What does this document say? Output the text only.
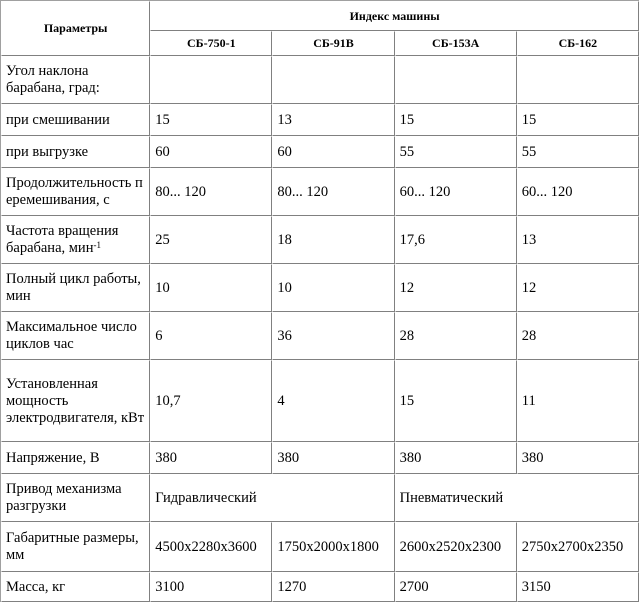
Параметры	Индекс машины			
	СБ-750-1	СБ-91В	СБ-153А	СБ-162
Угол наклона барабана, град:				
при смешивании	15	13	15	15
при выгрузке	60	60	55	55
Продолжительность перемешивания, с	80... 120	80... 120	60... 120	60... 120
Частота вращения барабана, мин$^{-1}$	25	18	17,6	13
Полный цикл работы, мин	10	10	12	12
Максимальное число циклов час	6	36	28	28
Установленная мощность электродвигателя, кВт	10,7	4	15	11
Напряжение, В	380	380	380	380
Привод механизма разгрузки	Гидравлический		Пневматический	
Габаритные размеры, мм	4500x2280x3600	1750x2000x1800	2600x2520x2300	2750x2700x2350
Масса, кг	3100	1270	2700	3150
